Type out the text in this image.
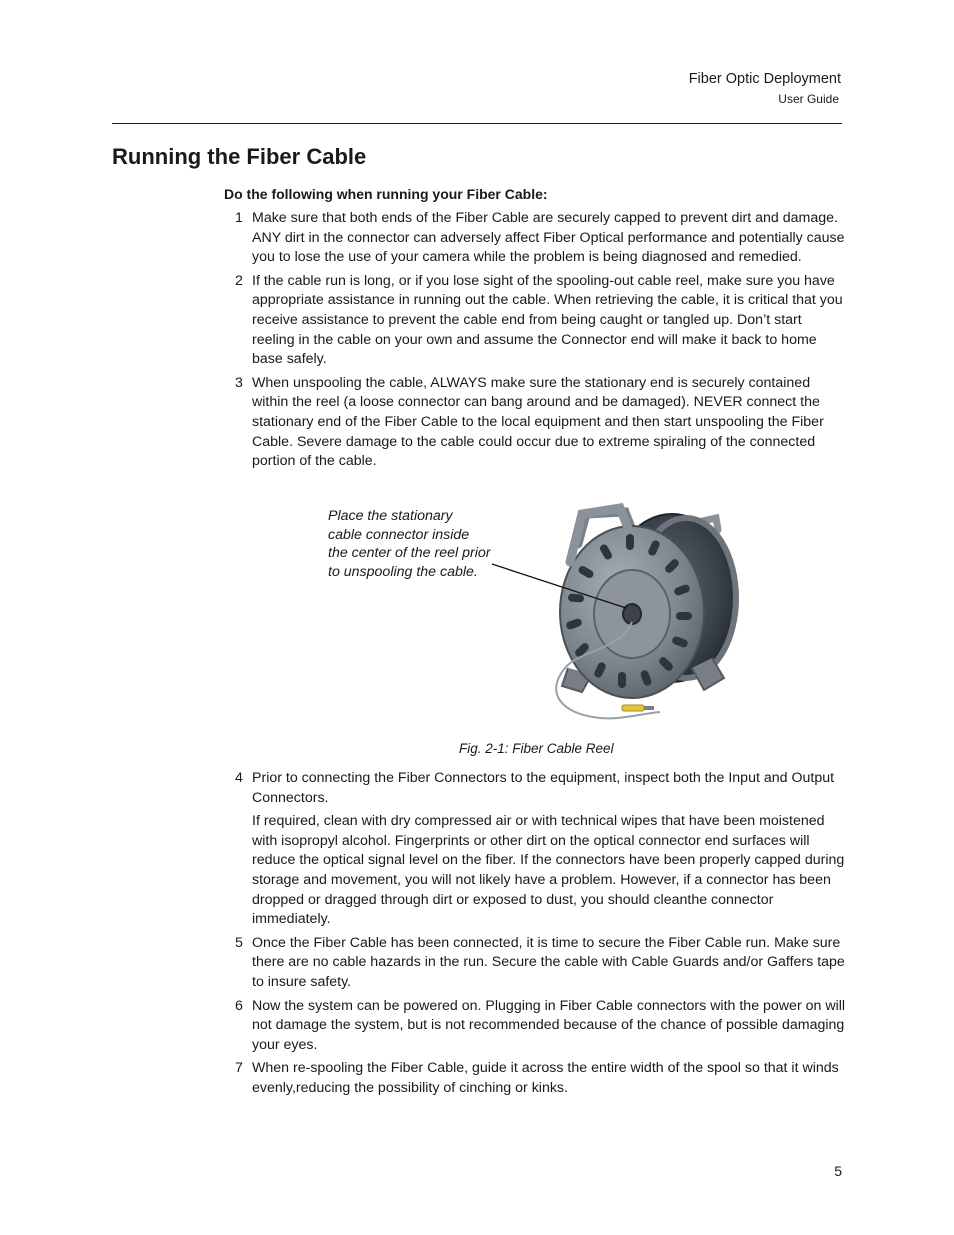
Fiber Optic Deployment
User Guide
Running the Fiber Cable
Do the following when running your Fiber Cable:
1 Make sure that both ends of the Fiber Cable are securely capped to prevent dirt and damage. ANY dirt in the connector can adversely affect Fiber Optical performance and potentially cause you to lose the use of your camera while the problem is being diagnosed and remedied.
2 If the cable run is long, or if you lose sight of the spooling-out cable reel, make sure you have appropriate assistance in running out the cable. When retrieving the cable, it is critical that you receive assistance to prevent the cable end from being caught or tangled up. Don’t start reeling in the cable on your own and assume the Connector end will make it back to home base safely.
3 When unspooling the cable, ALWAYS make sure the stationary end is securely contained within the reel (a loose connector can bang around and be damaged). NEVER connect the stationary end of the Fiber Cable to the local equipment and then start unspooling the Fiber Cable. Severe damage to the cable could occur due to extreme spiraling of the connected portion of the cable.
Place the stationary
cable connector inside
the center of the reel prior
to unspooling the cable.
Fig. 2-1: Fiber Cable Reel
4 Prior to connecting the Fiber Connectors to the equipment, inspect both the Input and Output Connectors.

If required, clean with dry compressed air or with technical wipes that have been moistened with isopropyl alcohol. Fingerprints or other dirt on the optical connector end surfaces will reduce the optical signal level on the fiber. If the connectors have been properly capped during storage and movement, you will not likely have a problem. However, if a connector has been dropped or dragged through dirt or exposed to dust, you should cleanthe connector immediately.

5 Once the Fiber Cable has been connected, it is time to secure the Fiber Cable run. Make sure there are no cable hazards in the run. Secure the cable with Cable Guards and/or Gaffers tape to insure safety.
6 Now the system can be powered on. Plugging in Fiber Cable connectors with the power on will not damage the system, but is not recommended because of the chance of possible damaging your eyes.
7 When re-spooling the Fiber Cable, guide it across the entire width of the spool so that it winds evenly,reducing the possibility of cinching or kinks.
5
